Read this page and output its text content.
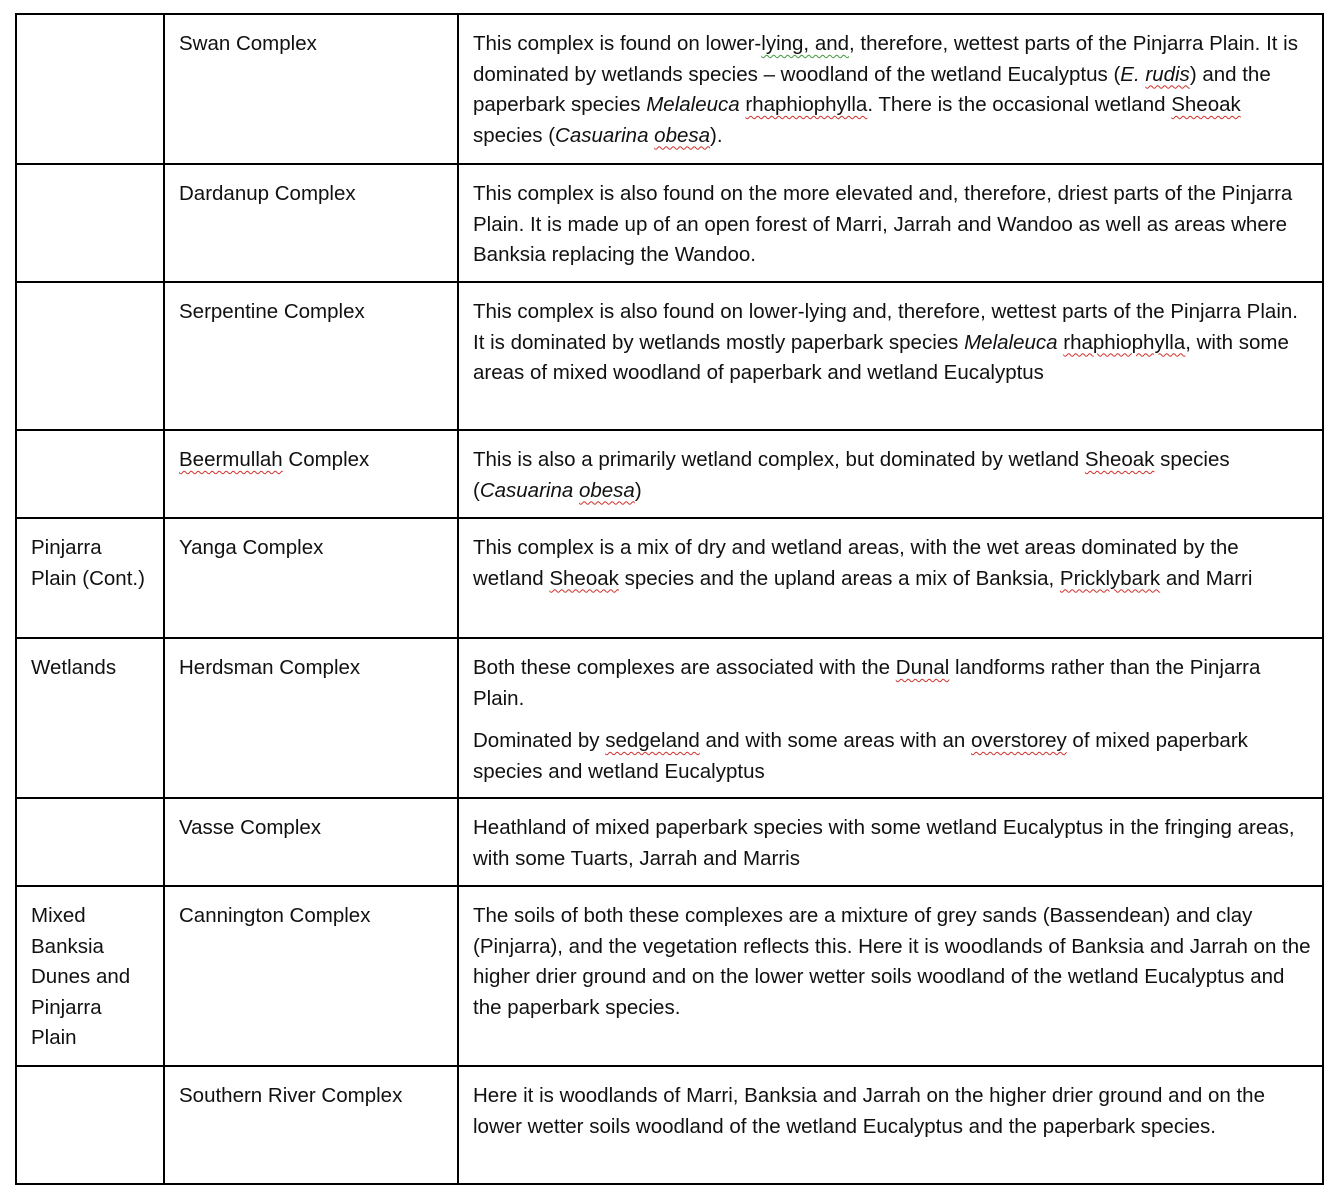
	Swan Complex	This complex is found on lower-lying, and, therefore, wettest parts of the Pinjarra Plain. It is dominated by wetlands species – woodland of the wetland Eucalyptus (E. rudis) and the paperbark species Melaleuca rhaphiophylla. There is the occasional wetland Sheoak species (Casuarina obesa).

	Dardanup Complex	This complex is also found on the more elevated and, therefore, driest parts of the Pinjarra Plain. It is made up of an open forest of Marri, Jarrah and Wandoo as well as areas where Banksia replacing the Wandoo.

	Serpentine Complex	This complex is also found on lower-lying and, therefore, wettest parts of the Pinjarra Plain. It is dominated by wetlands mostly paperbark species Melaleuca rhaphiophylla, with some areas of mixed woodland of paperbark and wetland Eucalyptus

	Beermullah Complex	This is also a primarily wetland complex, but dominated by wetland Sheoak species (Casuarina obesa)

Pinjarra Plain (Cont.)	Yanga Complex	This complex is a mix of dry and wetland areas, with the wet areas dominated by the wetland Sheoak species and the upland areas a mix of Banksia, Pricklybark and Marri

Wetlands	Herdsman Complex	Both these complexes are associated with the Dunal landforms rather than the Pinjarra Plain.
Dominated by sedgeland and with some areas with an overstorey of mixed paperbark species and wetland Eucalyptus

	Vasse Complex	Heathland of mixed paperbark species with some wetland Eucalyptus in the fringing areas, with some Tuarts, Jarrah and Marris

Mixed Banksia Dunes and Pinjarra Plain	Cannington Complex	The soils of both these complexes are a mixture of grey sands (Bassendean) and clay (Pinjarra), and the vegetation reflects this. Here it is woodlands of Banksia and Jarrah on the higher drier ground and on the lower wetter soils woodland of the wetland Eucalyptus and the paperbark species.

	Southern River Complex	Here it is woodlands of Marri, Banksia and Jarrah on the higher drier ground and on the lower wetter soils woodland of the wetland Eucalyptus and the paperbark species.
